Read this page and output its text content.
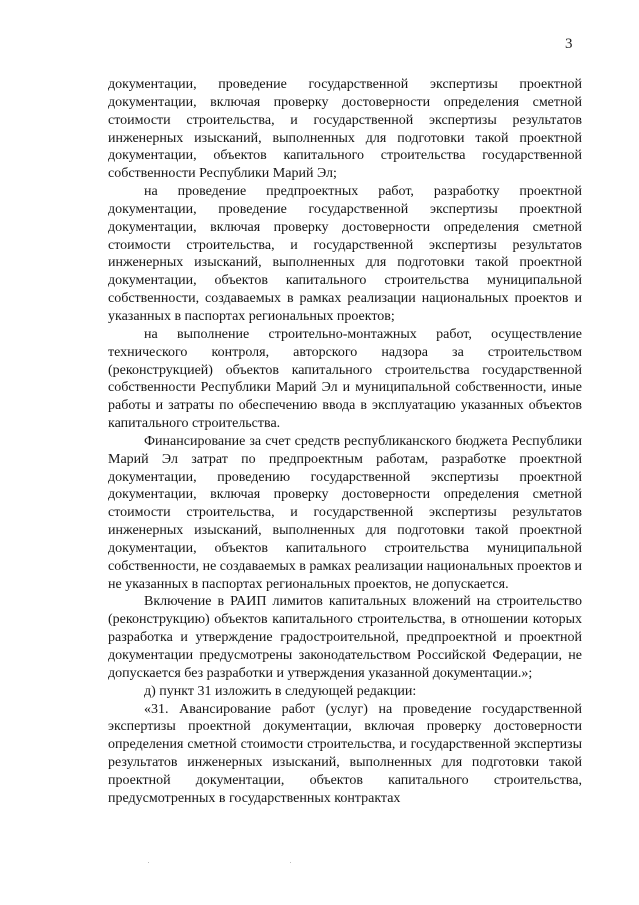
3

документации, проведение государственной экспертизы проектной документации, включая проверку достоверности определения сметной стоимости строительства, и государственной экспертизы результатов инженерных изысканий, выполненных для подготовки такой проектной документации, объектов капитального строительства государственной собственности Республики Марий Эл;

на проведение предпроектных работ, разработку проектной документации, проведение государственной экспертизы проектной документации, включая проверку достоверности определения сметной стоимости строительства, и государственной экспертизы результатов инженерных изысканий, выполненных для подготовки такой проектной документации, объектов капитального строительства муниципальной собственности, создаваемых в рамках реализации национальных проектов и указанных в паспортах региональных проектов;

на выполнение строительно-монтажных работ, осуществление технического контроля, авторского надзора за строительством (реконструкцией) объектов капитального строительства государственной собственности Республики Марий Эл и муниципальной собственности, иные работы и затраты по обеспечению ввода в эксплуатацию указанных объектов капитального строительства.

Финансирование за счет средств республиканского бюджета Республики Марий Эл затрат по предпроектным работам, разработке проектной документации, проведению государственной экспертизы проектной документации, включая проверку достоверности определения сметной стоимости строительства, и государственной экспертизы результатов инженерных изысканий, выполненных для подготовки такой проектной документации, объектов капитального строительства муниципальной собственности, не создаваемых в рамках реализации национальных проектов и не указанных в паспортах региональных проектов, не допускается.

Включение в РАИП лимитов капитальных вложений на строительство (реконструкцию) объектов капитального строительства, в отношении которых разработка и утверждение градостроительной, предпроектной и проектной документации предусмотрены законодательством Российской Федерации, не допускается без разработки и утверждения указанной документации.»;

д) пункт 31 изложить в следующей редакции:

«31. Авансирование работ (услуг) на проведение государственной экспертизы проектной документации, включая проверку достоверности определения сметной стоимости строительства, и государственной экспертизы результатов инженерных изысканий, выполненных для подготовки такой проектной документации, объектов капитального строительства, предусмотренных в государственных контрактах
